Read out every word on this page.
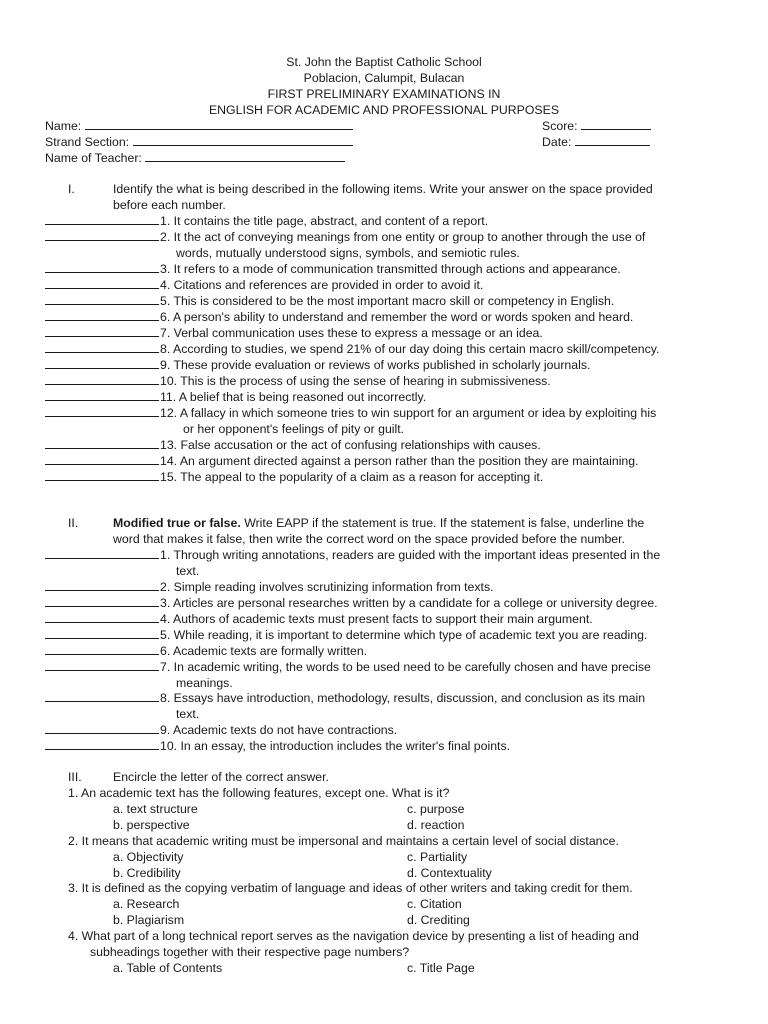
St. John the Baptist Catholic School
Poblacion, Calumpit, Bulacan
FIRST PRELIMINARY EXAMINATIONS IN
ENGLISH FOR ACADEMIC AND PROFESSIONAL PURPOSES
Name:	Score:
Strand Section:	Date:
Name of Teacher:
I.	Identify the what is being described in the following items. Write your answer on the space provided
before each number.
1. It contains the title page, abstract, and content of a report.
2. It the act of conveying meanings from one entity or group to another through the use of
words, mutually understood signs, symbols, and semiotic rules.
3. It refers to a mode of communication transmitted through actions and appearance.
4. Citations and references are provided in order to avoid it.
5. This is considered to be the most important macro skill or competency in English.
6. A person's ability to understand and remember the word or words spoken and heard.
7. Verbal communication uses these to express a message or an idea.
8. According to studies, we spend 21% of our day doing this certain macro skill/competency.
9. These provide evaluation or reviews of works published in scholarly journals.
10. This is the process of using the sense of hearing in submissiveness.
11. A belief that is being reasoned out incorrectly.
12. A fallacy in which someone tries to win support for an argument or idea by exploiting his
or her opponent's feelings of pity or guilt.
13. False accusation or the act of confusing relationships with causes.
14. An argument directed against a person rather than the position they are maintaining.
15. The appeal to the popularity of a claim as a reason for accepting it.
II.	Modified true or false. Write EAPP if the statement is true. If the statement is false, underline the
word that makes it false, then write the correct word on the space provided before the number.
1. Through writing annotations, readers are guided with the important ideas presented in the
text.
2. Simple reading involves scrutinizing information from texts.
3. Articles are personal researches written by a candidate for a college or university degree.
4. Authors of academic texts must present facts to support their main argument.
5. While reading, it is important to determine which type of academic text you are reading.
6. Academic texts are formally written.
7. In academic writing, the words to be used need to be carefully chosen and have precise
meanings.
8. Essays have introduction, methodology, results, discussion, and conclusion as its main
text.
9. Academic texts do not have contractions.
10. In an essay, the introduction includes the writer's final points.
III.	Encircle the letter of the correct answer.
1. An academic text has the following features, except one. What is it?
a. text structure	c. purpose
b. perspective	d. reaction
2. It means that academic writing must be impersonal and maintains a certain level of social distance.
a. Objectivity	c. Partiality
b. Credibility	d. Contextuality
3. It is defined as the copying verbatim of language and ideas of other writers and taking credit for them.
a. Research	c. Citation
b. Plagiarism	d. Crediting
4. What part of a long technical report serves as the navigation device by presenting a list of heading and
subheadings together with their respective page numbers?
a. Table of Contents	c. Title Page
